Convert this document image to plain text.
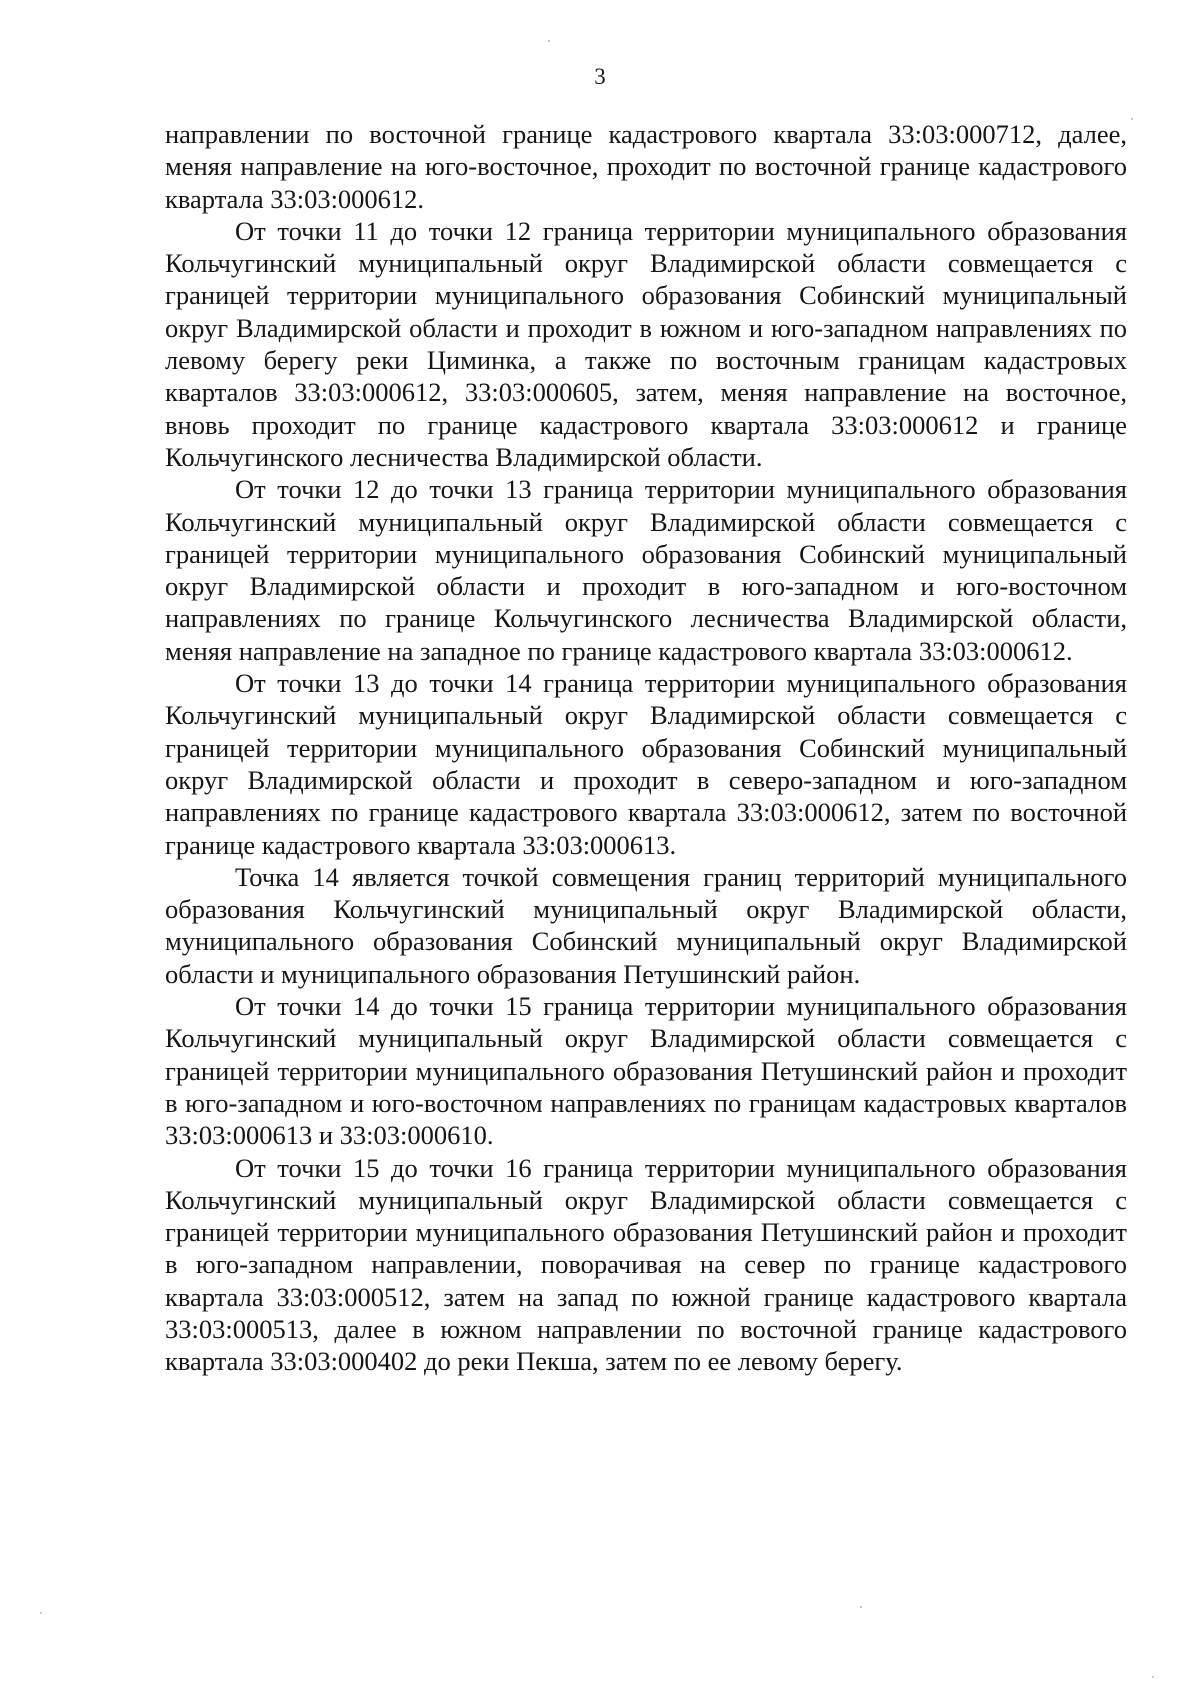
3

направлении по восточной границе кадастрового квартала 33:03:000712, далее, меняя направление на юго-восточное, проходит по восточной границе кадастрового квартала 33:03:000612.

От точки 11 до точки 12 граница территории муниципального образования Кольчугинский муниципальный округ Владимирской области совмещается с границей территории муниципального образования Собинский муниципальный округ Владимирской области и проходит в южном и юго-западном направлениях по левому берегу реки Циминка, а также по восточным границам кадастровых кварталов 33:03:000612, 33:03:000605, затем, меняя направление на восточное, вновь проходит по границе кадастрового квартала 33:03:000612 и границе Кольчугинского лесничества Владимирской области.

От точки 12 до точки 13 граница территории муниципального образования Кольчугинский муниципальный округ Владимирской области совмещается с границей территории муниципального образования Собинский муниципальный округ Владимирской области и проходит в юго-западном и юго-восточном направлениях по границе Кольчугинского лесничества Владимирской области, меняя направление на западное по границе кадастрового квартала 33:03:000612.

От точки 13 до точки 14 граница территории муниципального образования Кольчугинский муниципальный округ Владимирской области совмещается с границей территории муниципального образования Собинский муниципальный округ Владимирской области и проходит в северо-западном и юго-западном направлениях по границе кадастрового квартала 33:03:000612, затем по восточной границе кадастрового квартала 33:03:000613.

Точка 14 является точкой совмещения границ территорий муниципального образования Кольчугинский муниципальный округ Владимирской области, муниципального образования Собинский муниципальный округ Владимирской области и муниципального образования Петушинский район.

От точки 14 до точки 15 граница территории муниципального образования Кольчугинский муниципальный округ Владимирской области совмещается с границей территории муниципального образования Петушинский район и проходит в юго-западном и юго-восточном направлениях по границам кадастровых кварталов 33:03:000613 и 33:03:000610.

От точки 15 до точки 16 граница территории муниципального образования Кольчугинский муниципальный округ Владимирской области совмещается с границей территории муниципального образования Петушинский район и проходит в юго-западном направлении, поворачивая на север по границе кадастрового квартала 33:03:000512, затем на запад по южной границе кадастрового квартала 33:03:000513, далее в южном направлении по восточной границе кадастрового квартала 33:03:000402 до реки Пекша, затем по ее левому берегу.
